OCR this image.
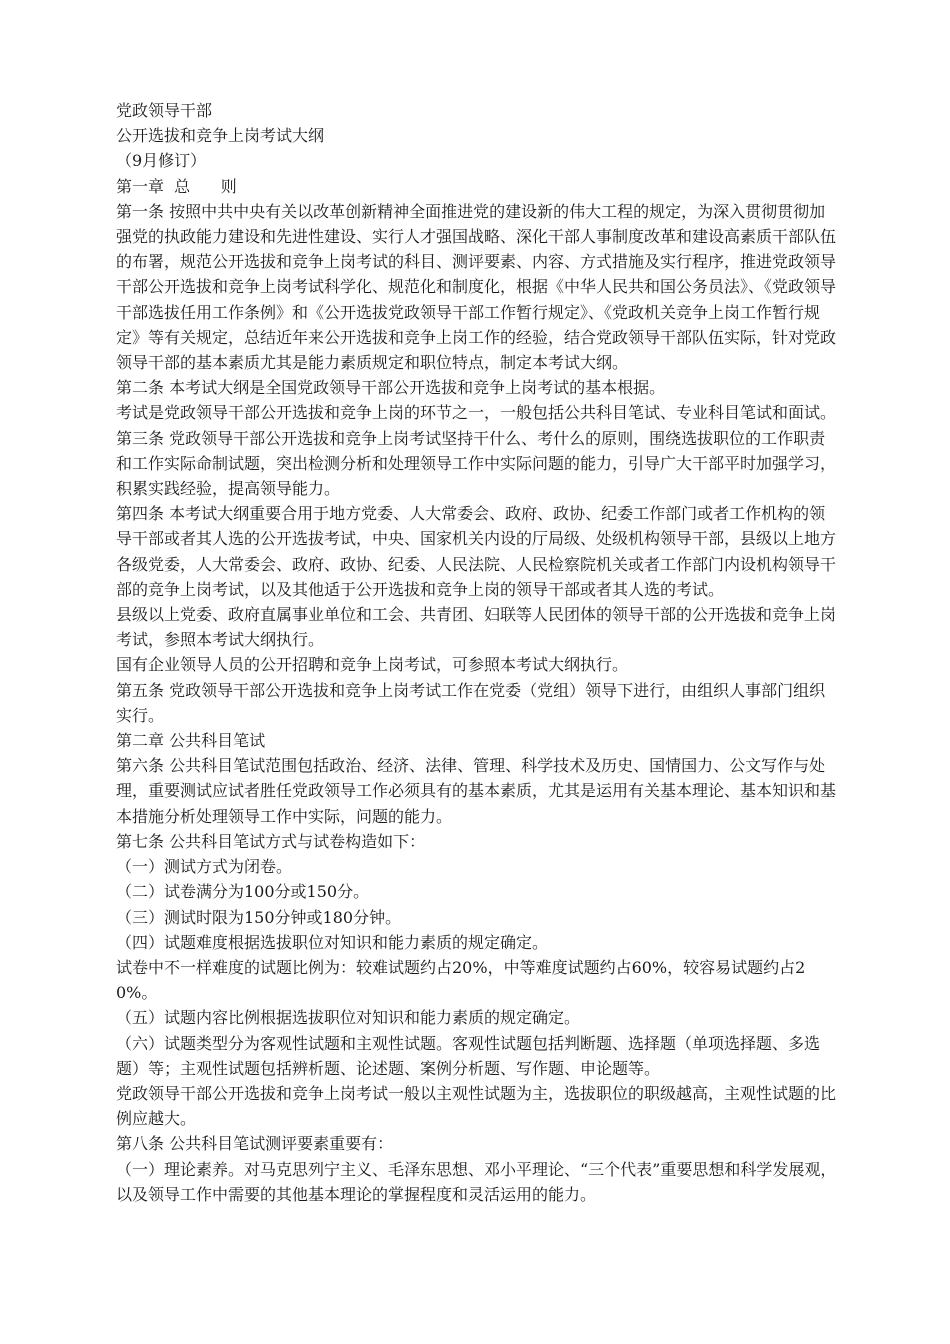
党政领导干部

公开选拔和竞争上岗考试大纲

（9月修订）

第一章  总      则

第一条 按照中共中央有关以改革创新精神全面推进党的建设新的伟大工程的规定，为深入贯彻贯彻加强党的执政能力建设和先进性建设、实行人才强国战略、深化干部人事制度改革和建设高素质干部队伍的布署，规范公开选拔和竞争上岗考试的科目、测评要素、内容、方式措施及实行程序，推进党政领导干部公开选拔和竞争上岗考试科学化、规范化和制度化，根据《中华人民共和国公务员法》、《党政领导干部选拔任用工作条例》和《公开选拔党政领导干部工作暂行规定》、《党政机关竞争上岗工作暂行规定》等有关规定，总结近年来公开选拔和竞争上岗工作的经验，结合党政领导干部队伍实际，针对党政领导干部的基本素质尤其是能力素质规定和职位特点，制定本考试大纲。

第二条 本考试大纲是全国党政领导干部公开选拔和竞争上岗考试的基本根据。

考试是党政领导干部公开选拔和竞争上岗的环节之一，一般包括公共科目笔试、专业科目笔试和面试。

第三条 党政领导干部公开选拔和竞争上岗考试坚持干什么、考什么的原则，围绕选拔职位的工作职责和工作实际命制试题，突出检测分析和处理领导工作中实际问题的能力，引导广大干部平时加强学习，积累实践经验，提高领导能力。

第四条 本考试大纲重要合用于地方党委、人大常委会、政府、政协、纪委工作部门或者工作机构的领导干部或者其人选的公开选拔考试，中央、国家机关内设的厅局级、处级机构领导干部，县级以上地方各级党委，人大常委会、政府、政协、纪委、人民法院、人民检察院机关或者工作部门内设机构领导干部的竞争上岗考试，以及其他适于公开选拔和竞争上岗的领导干部或者其人选的考试。

县级以上党委、政府直属事业单位和工会、共青团、妇联等人民团体的领导干部的公开选拔和竞争上岗考试，参照本考试大纲执行。

国有企业领导人员的公开招聘和竞争上岗考试，可参照本考试大纲执行。

第五条 党政领导干部公开选拔和竞争上岗考试工作在党委（党组）领导下进行，由组织人事部门组织实行。

第二章 公共科目笔试

第六条 公共科目笔试范围包括政治、经济、法律、管理、科学技术及历史、国情国力、公文写作与处理，重要测试应试者胜任党政领导工作必须具有的基本素质，尤其是运用有关基本理论、基本知识和基本措施分析处理领导工作中实际，问题的能力。

第七条 公共科目笔试方式与试卷构造如下：

（一）测试方式为闭卷。

（二）试卷满分为100分或150分。

（三）测试时限为150分钟或180分钟。

（四）试题难度根据选拔职位对知识和能力素质的规定确定。

试卷中不一样难度的试题比例为：较难试题约占20%，中等难度试题约占60%，较容易试题约占20%。

（五）试题内容比例根据选拔职位对知识和能力素质的规定确定。

（六）试题类型分为客观性试题和主观性试题。客观性试题包括判断题、选择题（单项选择题、多选题）等；主观性试题包括辨析题、论述题、案例分析题、写作题、申论题等。

党政领导干部公开选拔和竞争上岗考试一般以主观性试题为主，选拔职位的职级越高，主观性试题的比例应越大。

第八条 公共科目笔试测评要素重要有：

（一）理论素养。对马克思列宁主义、毛泽东思想、邓小平理论、“三个代表”重要思想和科学发展观，以及领导工作中需要的其他基本理论的掌握程度和灵活运用的能力。
